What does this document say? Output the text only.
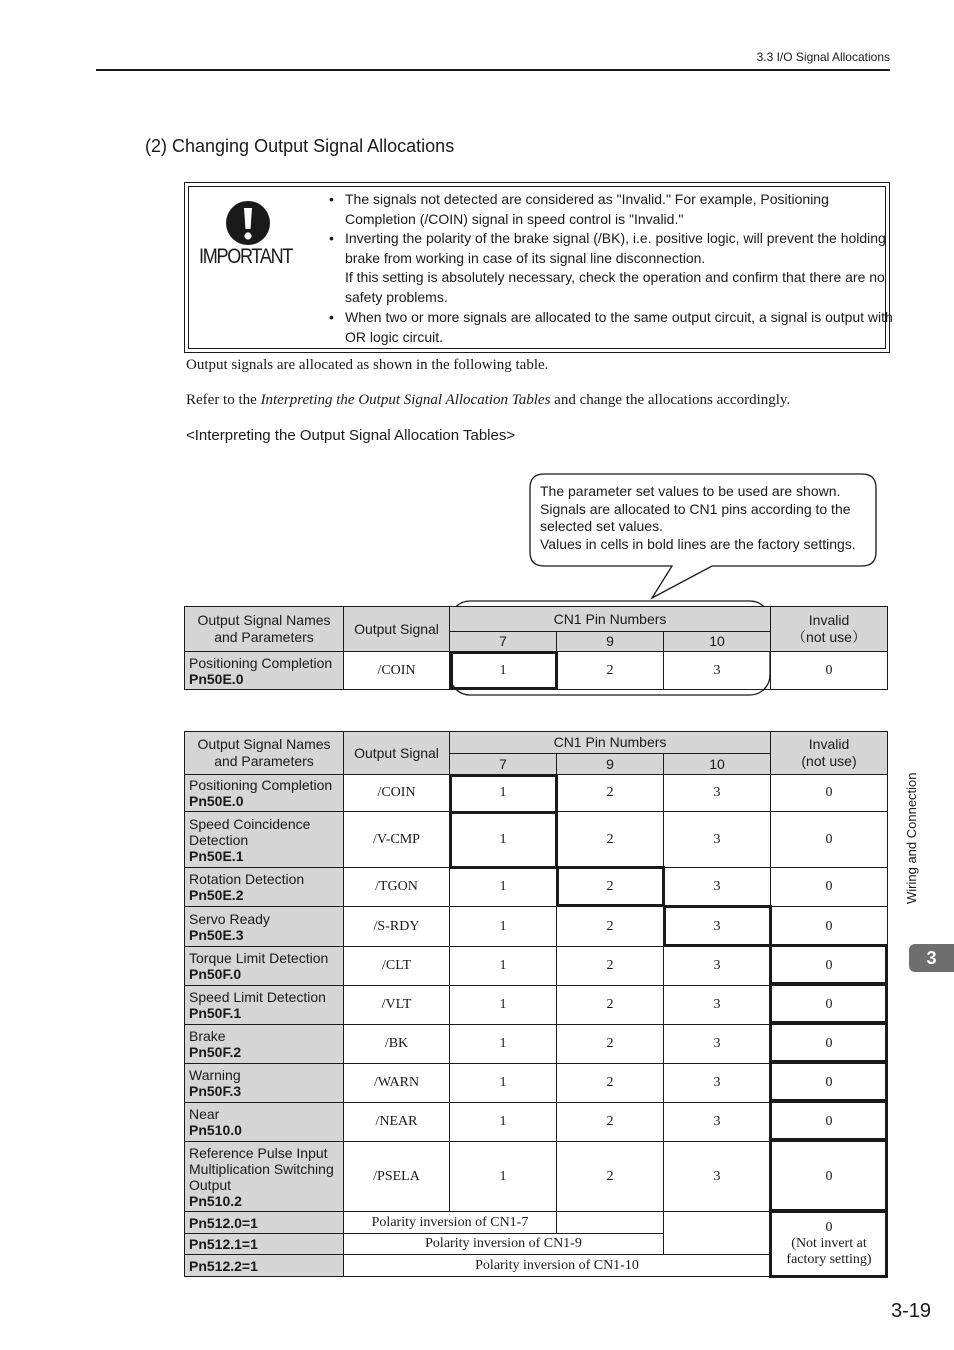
3.3 I/O Signal Allocations
(2) Changing Output Signal Allocations
IMPORTANT
• The signals not detected are considered as "Invalid." For example, Positioning Completion (/COIN) signal in speed control is "Invalid."
• Inverting the polarity of the brake signal (/BK), i.e. positive logic, will prevent the holding brake from working in case of its signal line disconnection.
If this setting is absolutely necessary, check the operation and confirm that there are no safety problems.
• When two or more signals are allocated to the same output circuit, a signal is output with OR logic circuit.
Output signals are allocated as shown in the following table.
Refer to the Interpreting the Output Signal Allocation Tables and change the allocations accordingly.
<Interpreting the Output Signal Allocation Tables>
The parameter set values to be used are shown.
Signals are allocated to CN1 pins according to the
selected set values.
Values in cells in bold lines are the factory settings.
Output Signal Names and Parameters	Output Signal	CN1 Pin Numbers			Invalid
（not use）
		7	9	10	
Positioning Completion
Pn50E.0	/COIN	1	2	3	0
Output Signal Names and Parameters	Output Signal	CN1 Pin Numbers			Invalid
(not use)
		7	9	10	
Positioning Completion
Pn50E.0	/COIN	1	2	3	0
Speed Coincidence Detection
Pn50E.1	/V-CMP	1	2	3	0
Rotation Detection
Pn50E.2	/TGON	1	2	3	0
Servo Ready
Pn50E.3	/S-RDY	1	2	3	0
Torque Limit Detection
Pn50F.0	/CLT	1	2	3	0
Speed Limit Detection
Pn50F.1	/VLT	1	2	3	0
Brake
Pn50F.2	/BK	1	2	3	0
Warning
Pn50F.3	/WARN	1	2	3	0
Near
Pn510.0	/NEAR	1	2	3	0
Reference Pulse Input Multiplication Switching Output
Pn510.2	/PSELA	1	2	3	0
Pn512.0=1	Polarity inversion of CN1-7				0
(Not invert at factory setting)
Pn512.1=1	Polarity inversion of CN1-9				
Pn512.2=1	Polarity inversion of CN1-10				
Wiring and Connection
3
3-19
